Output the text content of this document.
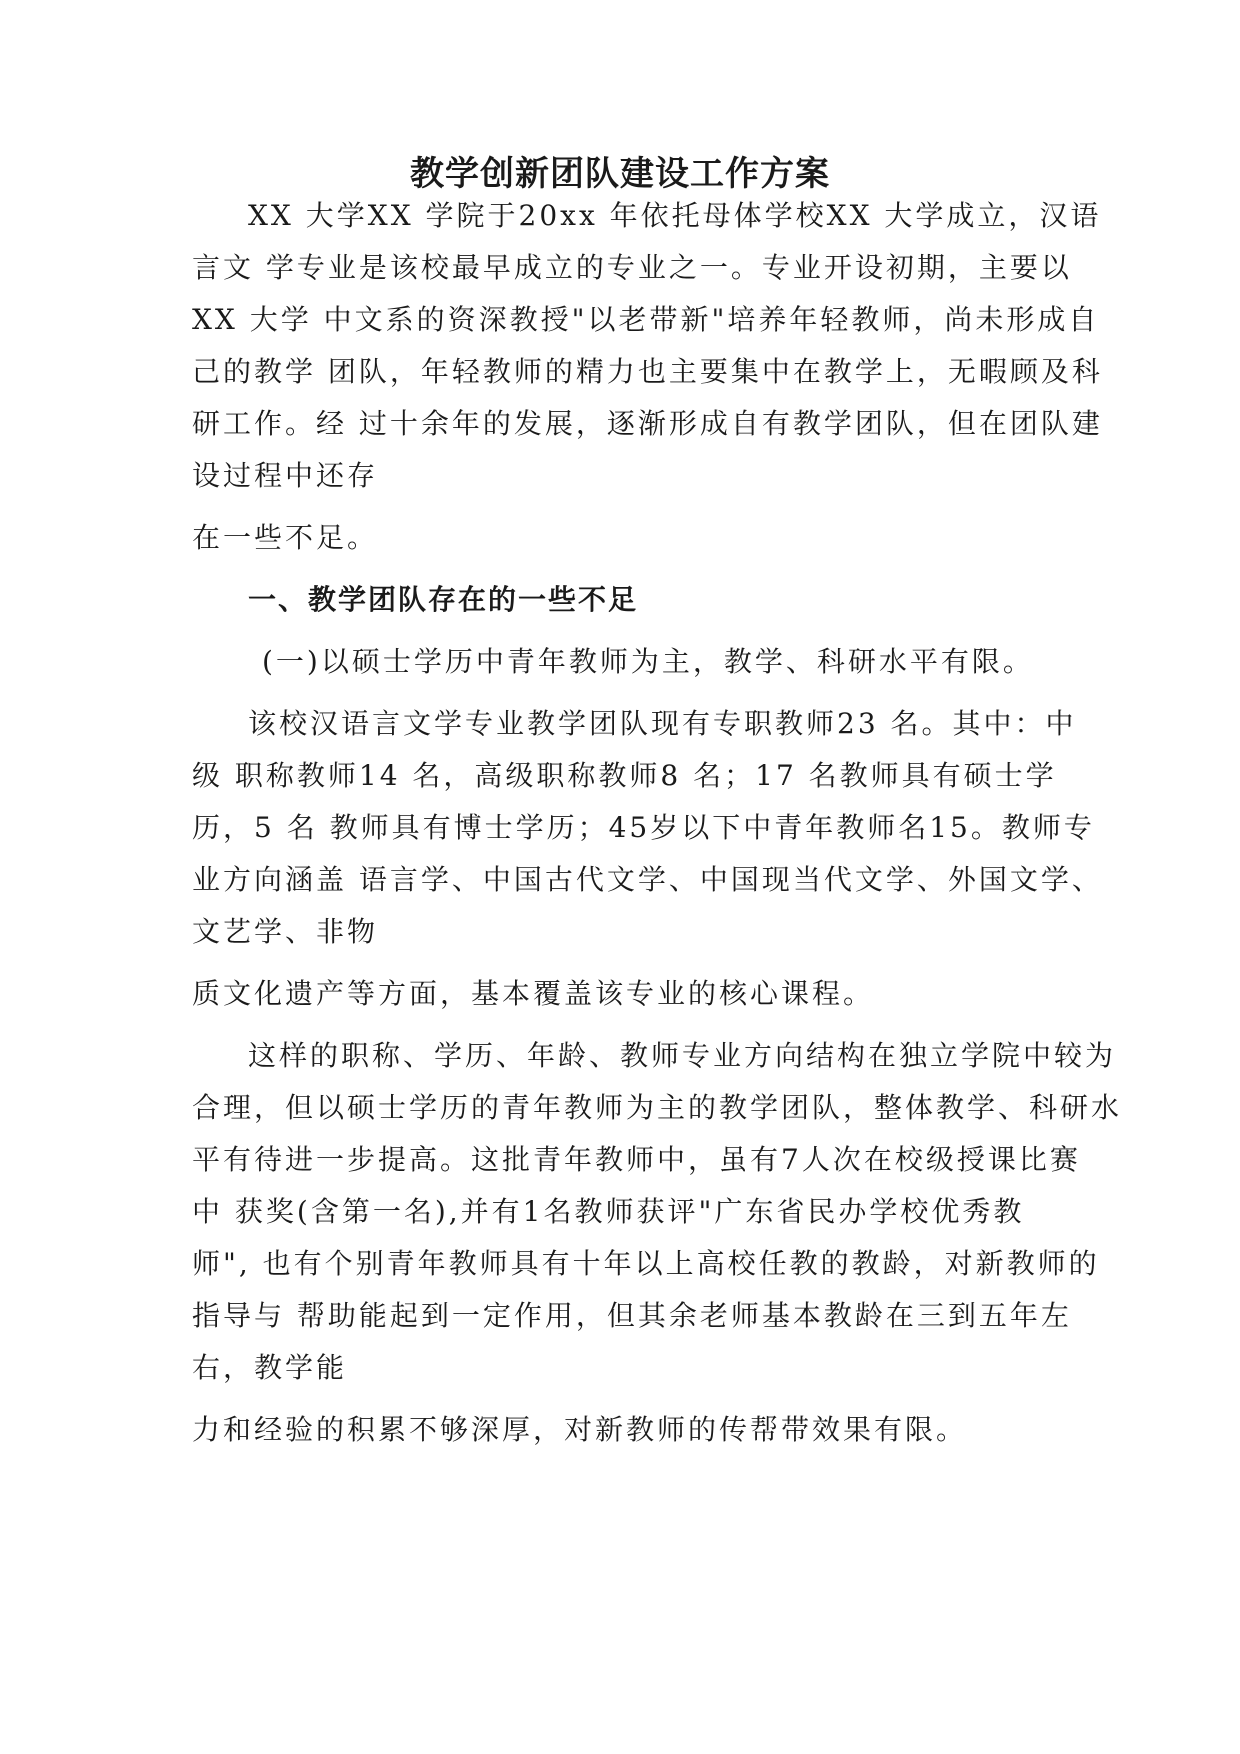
教学创新团队建设工作方案
XX 大学XX 学院于20xx 年依托母体学校XX 大学成立，汉语
言文 学专业是该校最早成立的专业之一。专业开设初期，主要以
XX 大学 中文系的资深教授"以老带新"培养年轻教师，尚未形成自
己的教学 团队，年轻教师的精力也主要集中在教学上，无暇顾及科
研工作。经 过十余年的发展，逐渐形成自有教学团队，但在团队建
设过程中还存
在一些不足。
一、教学团队存在的一些不足
(一)以硕士学历中青年教师为主，教学、科研水平有限。
该校汉语言文学专业教学团队现有专职教师23 名。其中：中
级 职称教师14 名，高级职称教师8 名；17 名教师具有硕士学
历，5 名 教师具有博士学历；45岁以下中青年教师名15。教师专
业方向涵盖 语言学、中国古代文学、中国现当代文学、外国文学、
文艺学、非物
质文化遗产等方面，基本覆盖该专业的核心课程。
这样的职称、学历、年龄、教师专业方向结构在独立学院中较为
合理，但以硕士学历的青年教师为主的教学团队，整体教学、科研水
平有待进一步提高。这批青年教师中，虽有7人次在校级授课比赛
中 获奖(含第一名),并有1名教师获评"广东省民办学校优秀教
师", 也有个别青年教师具有十年以上高校任教的教龄，对新教师的
指导与 帮助能起到一定作用，但其余老师基本教龄在三到五年左
右，教学能
力和经验的积累不够深厚，对新教师的传帮带效果有限。
